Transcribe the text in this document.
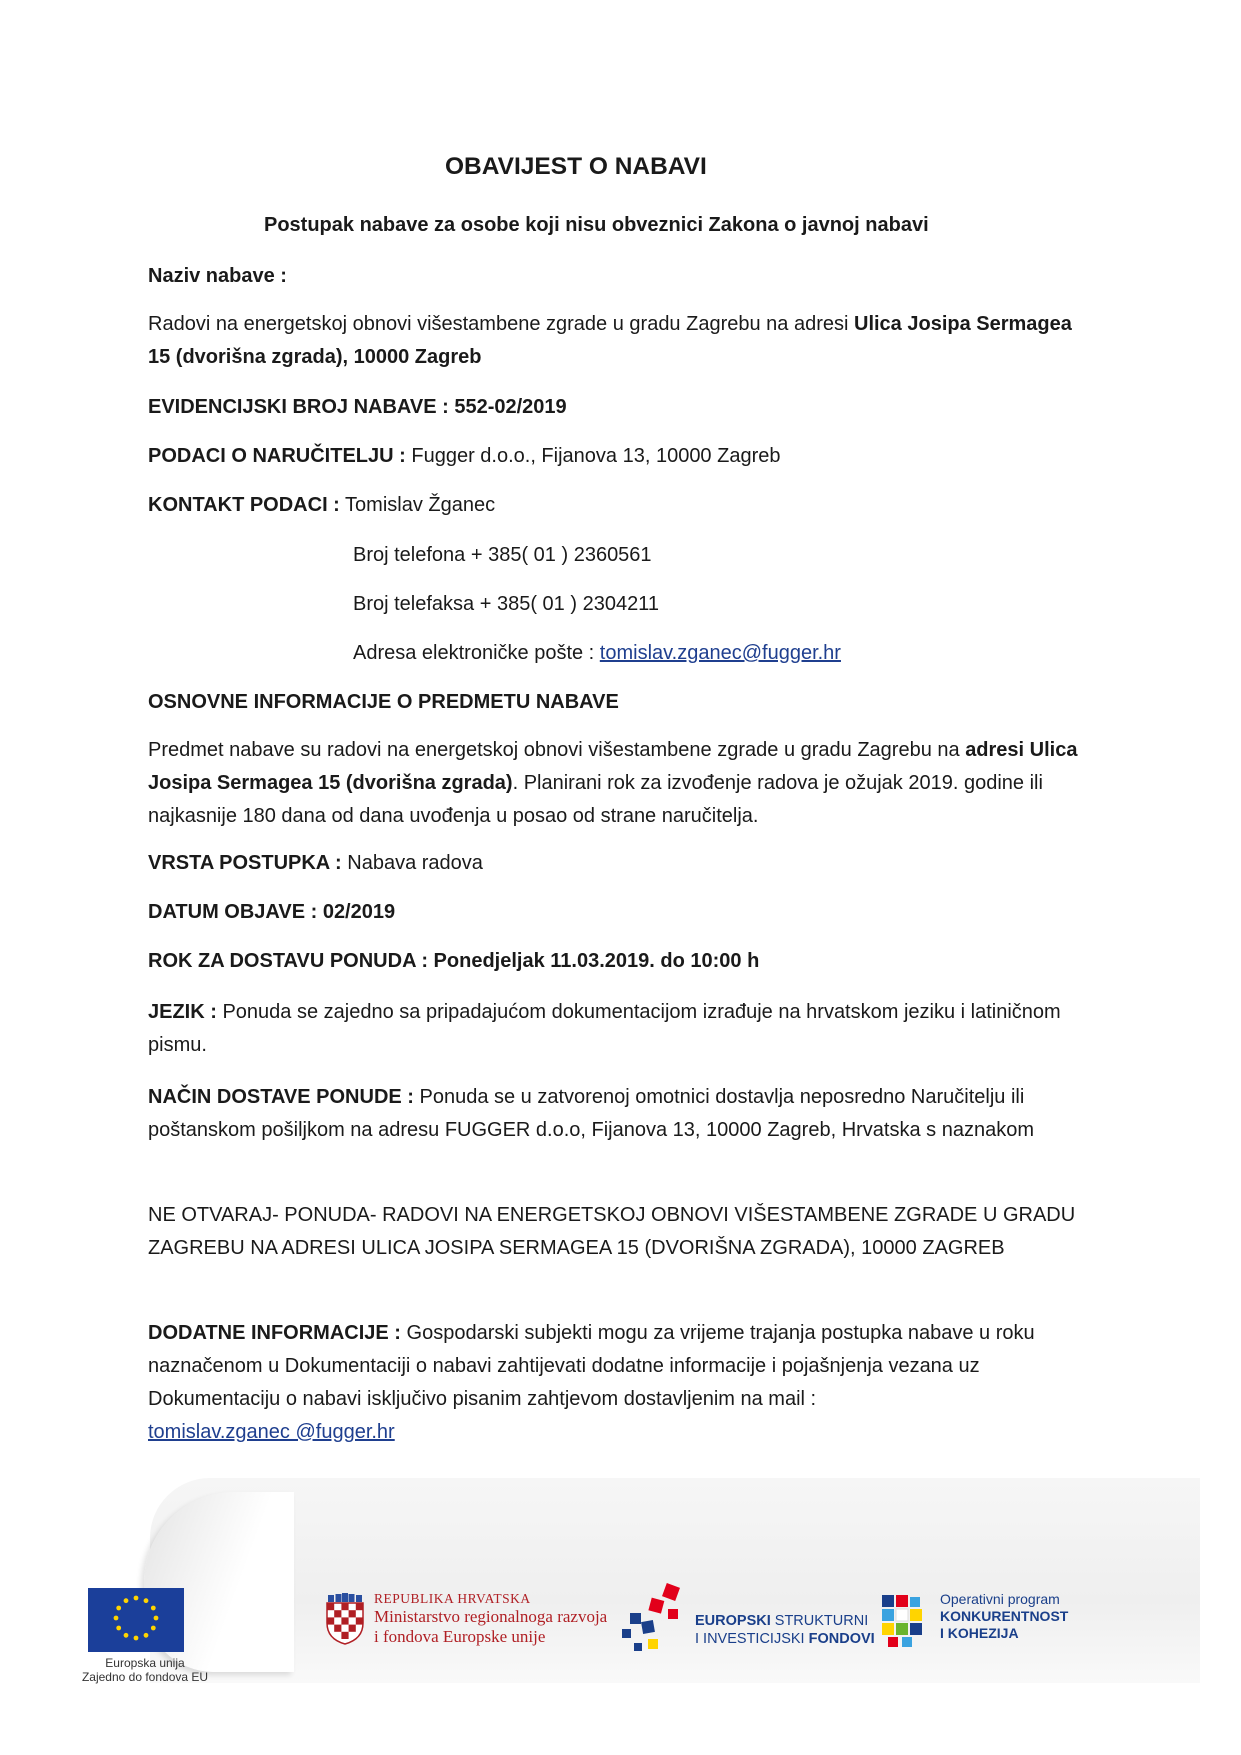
OBAVIJEST O NABAVI
Postupak nabave za osobe koji nisu obveznici Zakona o javnoj nabavi
Naziv nabave :
Radovi na energetskoj obnovi višestambene zgrade u gradu Zagrebu na adresi Ulica Josipa Sermagea 15 (dvorišna zgrada), 10000 Zagreb
EVIDENCIJSKI BROJ NABAVE : 552-02/2019
PODACI O NARUČITELJU : Fugger d.o.o., Fijanova 13, 10000 Zagreb
KONTAKT PODACI : Tomislav Žganec
Broj telefona + 385( 01 ) 2360561
Broj telefaksa + 385( 01 ) 2304211
Adresa elektroničke pošte : tomislav.zganec@fugger.hr
OSNOVNE INFORMACIJE O PREDMETU NABAVE
Predmet nabave su radovi na energetskoj obnovi višestambene zgrade u gradu Zagrebu na adresi Ulica Josipa Sermagea 15 (dvorišna zgrada). Planirani rok za izvođenje radova je ožujak 2019. godine ili najkasnije 180 dana od dana uvođenja u posao od strane naručitelja.
VRSTA POSTUPKA : Nabava radova
DATUM OBJAVE : 02/2019
ROK ZA DOSTAVU PONUDA : Ponedjeljak 11.03.2019. do 10:00 h
JEZIK : Ponuda se zajedno sa pripadajućom dokumentacijom izrađuje na hrvatskom jeziku i latiničnom pismu.
NAČIN DOSTAVE PONUDE : Ponuda se u zatvorenoj omotnici dostavlja neposredno Naručitelju ili poštanskom pošiljkom na adresu FUGGER d.o.o, Fijanova 13, 10000 Zagreb, Hrvatska s naznakom
NE OTVARAJ- PONUDA- RADOVI NA ENERGETSKOJ OBNOVI VIŠESTAMBENE ZGRADE U GRADU ZAGREBU NA ADRESI ULICA JOSIPA SERMAGEA 15 (DVORIŠNA ZGRADA), 10000 ZAGREB
DODATNE INFORMACIJE : Gospodarski subjekti mogu za vrijeme trajanja postupka nabave u roku naznačenom u Dokumentaciji o nabavi zahtijevati dodatne informacije i pojašnjenja vezana uz Dokumentaciju o nabavi isključivo pisanim zahtjevom dostavljenim na mail :
tomislav.zganec @fugger.hr
Europska unija
Zajedno do fondova EU
REPUBLIKA HRVATSKA
Ministarstvo regionalnoga razvoja
i fondova Europske unije
EUROPSKI STRUKTURNI
I INVESTICIJSKI FONDOVI
Operativni program
KONKURENTNOST
I KOHEZIJA
